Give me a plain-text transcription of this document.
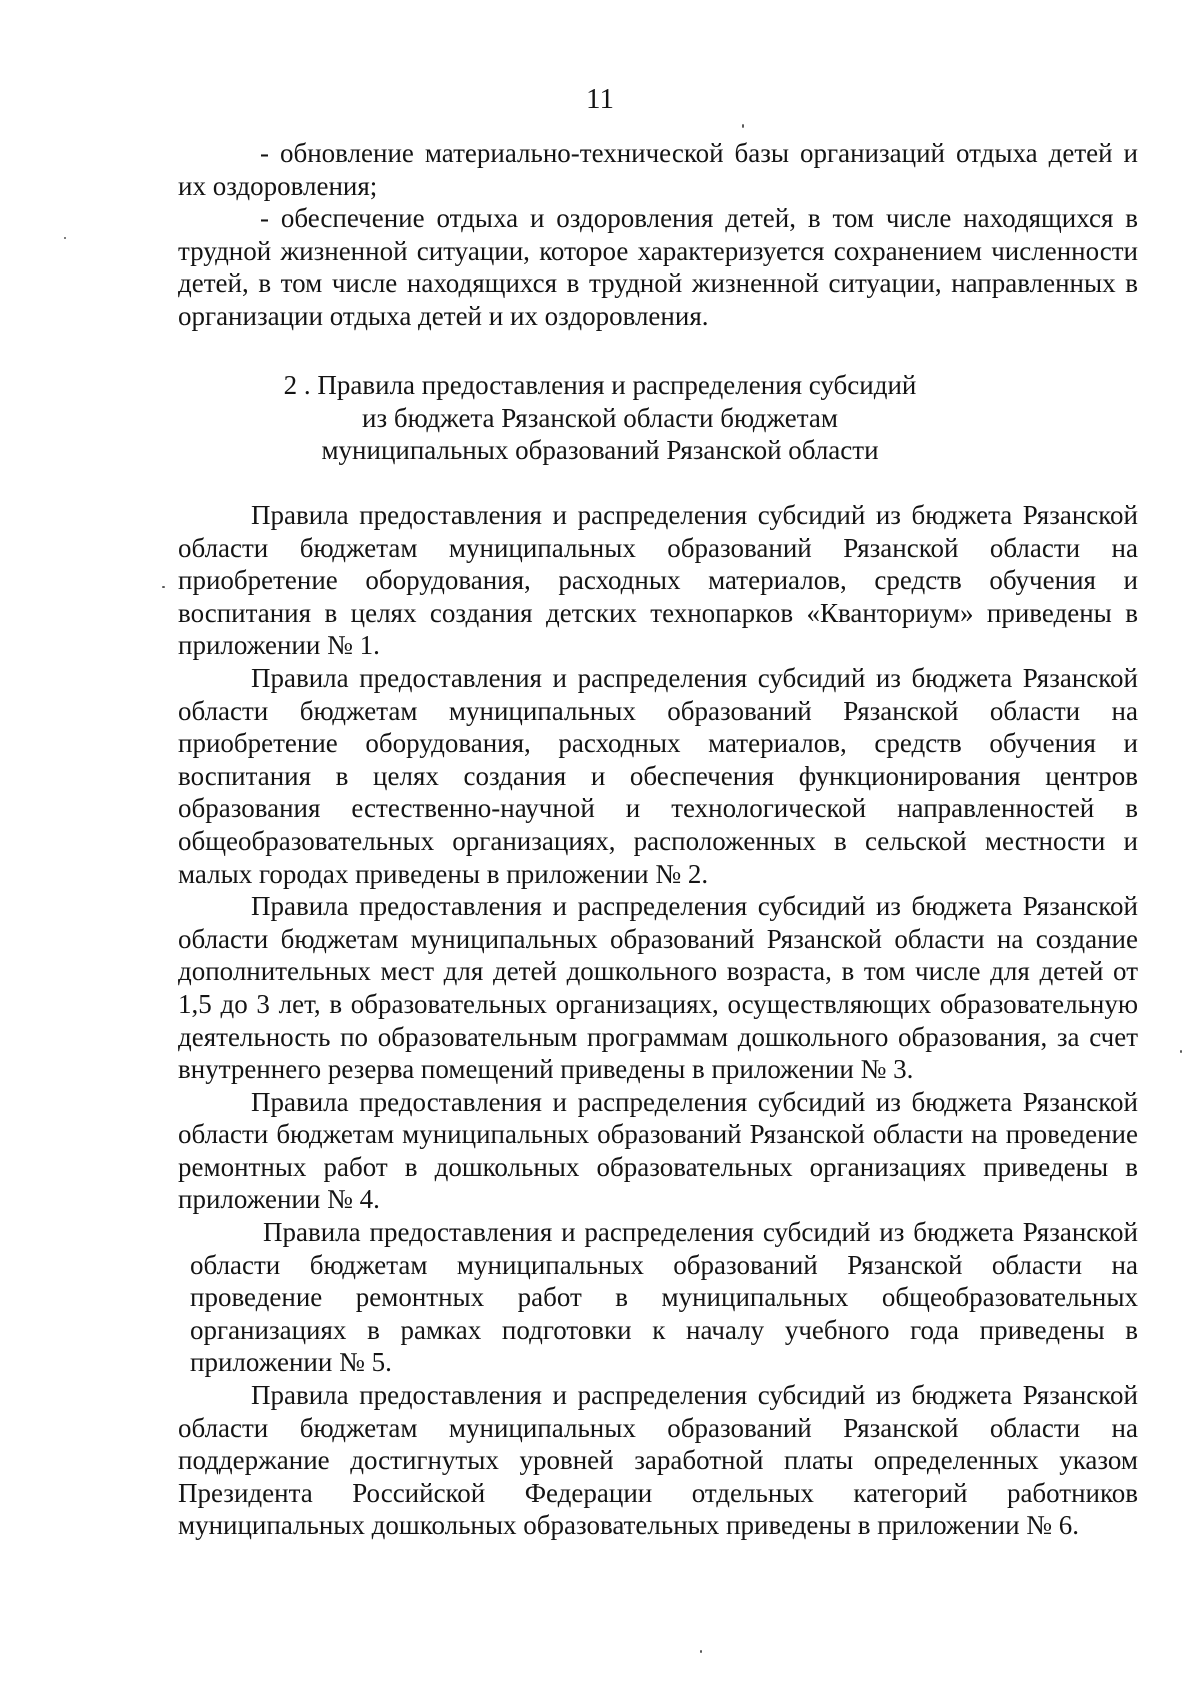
11

- обновление материально-технической базы организаций отдыха детей и их оздоровления;

- обеспечение отдыха и оздоровления детей, в том числе находящихся в трудной жизненной ситуации, которое характеризуется сохранением численности детей, в том числе находящихся в трудной жизненной ситуации, направленных в организации отдыха детей и их оздоровления.

2 . Правила предоставления и распределения субсидий
из бюджета Рязанской области бюджетам
муниципальных образований Рязанской области

Правила предоставления и распределения субсидий из бюджета Рязанской области бюджетам муниципальных образований Рязанской области на приобретение оборудования, расходных материалов, средств обучения и воспитания в целях создания детских технопарков «Кванториум» приведены в приложении № 1.

Правила предоставления и распределения субсидий из бюджета Рязанской области бюджетам муниципальных образований Рязанской области на приобретение оборудования, расходных материалов, средств обучения и воспитания в целях создания и обеспечения функционирования центров образования естественно-научной и технологической направленностей в общеобразовательных организациях, расположенных в сельской местности и малых городах приведены в приложении № 2.

Правила предоставления и распределения субсидий из бюджета Рязанской области бюджетам муниципальных образований Рязанской области на создание дополнительных мест для детей дошкольного возраста, в том числе для детей от 1,5 до 3 лет, в образовательных организациях, осуществляющих образовательную деятельность по образовательным программам дошкольного образования, за счет внутреннего резерва помещений приведены в приложении № 3.

Правила предоставления и распределения субсидий из бюджета Рязанской области бюджетам муниципальных образований Рязанской области на проведение ремонтных работ в дошкольных образовательных организациях приведены в приложении № 4.

Правила предоставления и распределения субсидий из бюджета Рязанской области бюджетам муниципальных образований Рязанской области на проведение ремонтных работ в муниципальных общеобразовательных организациях в рамках подготовки к началу учебного года приведены в приложении № 5.

Правила предоставления и распределения субсидий из бюджета Рязанской области бюджетам муниципальных образований Рязанской области на поддержание достигнутых уровней заработной платы определенных указом Президента Российской Федерации отдельных категорий работников муниципальных дошкольных образовательных приведены в приложении № 6.
